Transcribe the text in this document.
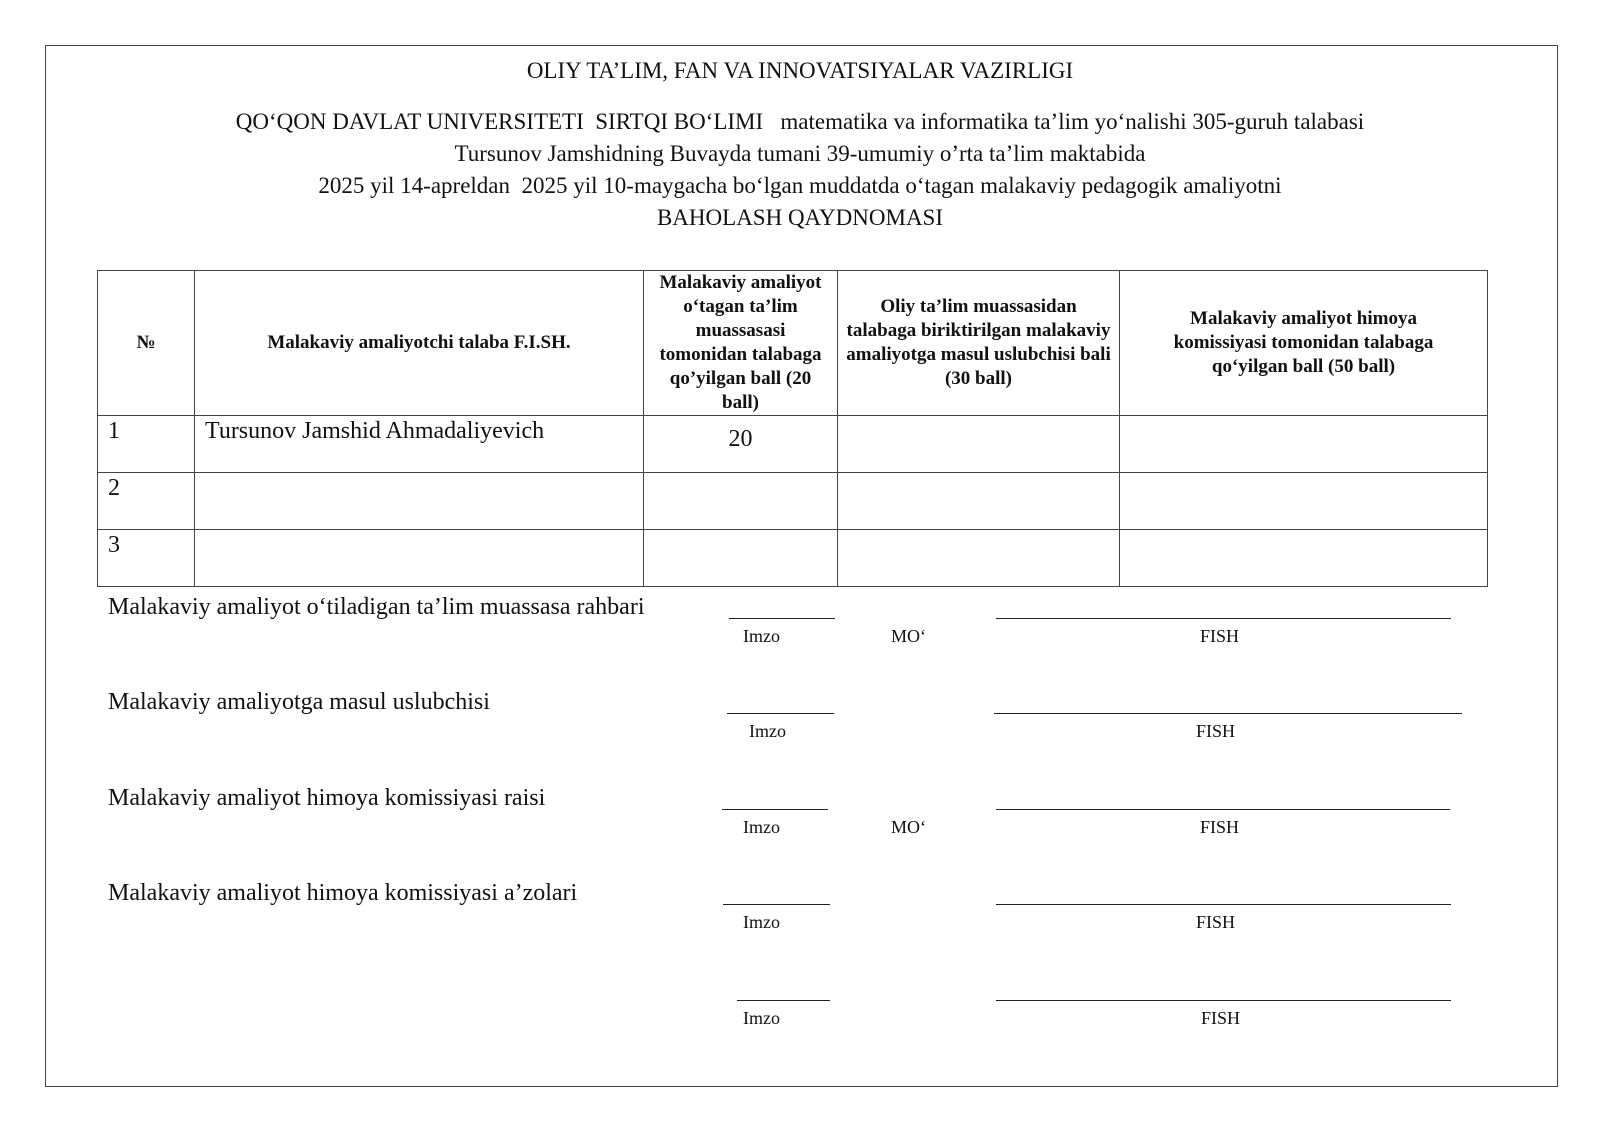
OLIY TA’LIM, FAN VA INNOVATSIYALAR VAZIRLIGI
QO‘QON DAVLAT UNIVERSITETI  SIRTQI BO‘LIMI   matematika va informatika ta’lim yo‘nalishi 305-guruh talabasi
Tursunov Jamshidning Buvayda tumani 39-umumiy o’rta ta’lim maktabida
2025 yil 14-apreldan  2025 yil 10-maygacha bo‘lgan muddatda o‘tagan malakaviy pedagogik amaliyotni
BAHOLASH QAYDNOMASI
№	Malakaviy amaliyotchi talaba F.I.SH.	Malakaviy amaliyot o‘tagan ta’lim muassasasi tomonidan talabaga qo’yilgan ball (20 ball)	Oliy ta’lim muassasidan talabaga biriktirilgan malakaviy amaliyotga masul uslubchisi bali (30 ball)	Malakaviy amaliyot himoya komissiyasi tomonidan talabaga qo‘yilgan ball (50 ball)
1	Tursunov Jamshid Ahmadaliyevich	20		
2				
3				
Malakaviy amaliyot o‘tiladigan ta’lim muassasa rahbari
Imzo	MO‘	FISH
Malakaviy amaliyotga masul uslubchisi
Imzo	FISH
Malakaviy amaliyot himoya komissiyasi raisi
Imzo	MO‘	FISH
Malakaviy amaliyot himoya komissiyasi a’zolari
Imzo	FISH
Imzo	FISH
